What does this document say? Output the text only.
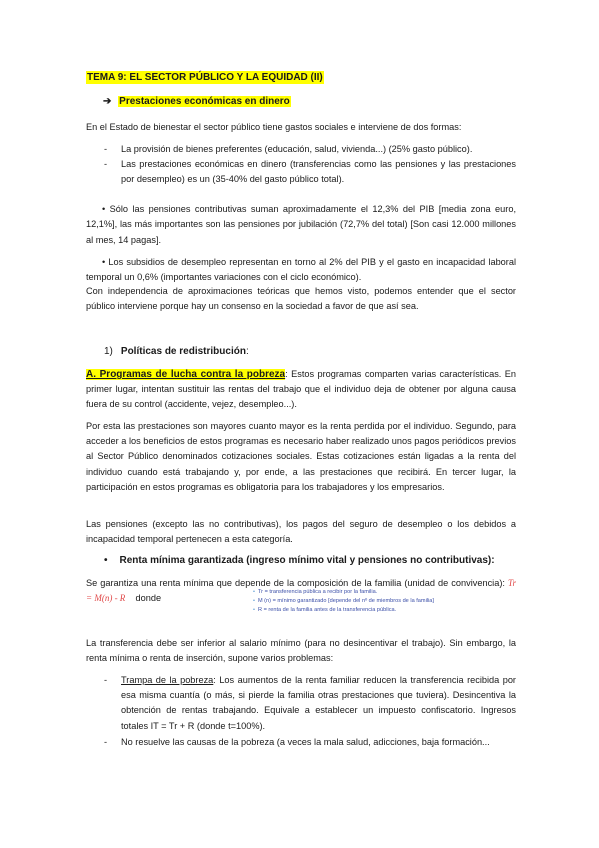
TEMA 9: EL SECTOR PÚBLICO Y LA EQUIDAD (II)
➔ Prestaciones económicas en dinero

En el Estado de bienestar el sector público tiene gastos sociales e interviene de dos formas:

- La provisión de bienes preferentes (educación, salud, vivienda...) (25% gasto público).
- Las prestaciones económicas en dinero (transferencias como las pensiones y las prestaciones por desempleo) es un (35-40% del gasto público total).

• Sólo las pensiones contributivas suman aproximadamente el 12,3% del PIB [media zona euro, 12,1%], las más importantes son las pensiones por jubilación (72,7% del total) [Son casi 12.000 millones al mes, 14 pagas].

• Los subsidios de desempleo representan en torno al 2% del PIB y el gasto en incapacidad laboral temporal un 0,6% (importantes variaciones con el ciclo económico).

Con independencia de aproximaciones teóricas que hemos visto, podemos entender que el sector público interviene porque hay un consenso en la sociedad a favor de que así sea.

1) Políticas de redistribución:

A. Programas de lucha contra la pobreza: Estos programas comparten varias características. En primer lugar, intentan sustituir las rentas del trabajo que el individuo deja de obtener por alguna causa fuera de su control (accidente, vejez, desempleo...).

Por esta las prestaciones son mayores cuanto mayor es la renta perdida por el individuo. Segundo, para acceder a los beneficios de estos programas es necesario haber realizado unos pagos periódicos previos al Sector Público denominados cotizaciones sociales. Estas cotizaciones están ligadas a la renta del individuo cuando está trabajando y, por ende, a las prestaciones que recibirá. En tercer lugar, la participación en estos programas es obligatoria para los trabajadores y los empresarios.

Las pensiones (excepto las no contributivas), los pagos del seguro de desempleo o los debidos a incapacidad temporal pertenecen a esta categoría.

• Renta mínima garantizada (ingreso mínimo vital y pensiones no contributivas):

Se garantiza una renta mínima que depende de la composición de la familia (unidad de convivencia): Tr = M(n) - R donde

• Tr = transferencia pública a recibir por la familia.
• M (n) = mínimo garantizado [depende del nº de miembros de la familia]
• R = renta de la familia antes de la transferencia pública.

La transferencia debe ser inferior al salario mínimo (para no desincentivar el trabajo). Sin embargo, la renta mínima o renta de inserción, supone varios problemas:

- Trampa de la pobreza: Los aumentos de la renta familiar reducen la transferencia recibida por esa misma cuantía (o más, si pierde la familia otras prestaciones que tuviera). Desincentiva la obtención de rentas trabajando. Equivale a establecer un impuesto confiscatorio. Ingresos totales IT = Tr + R (donde t=100%).
- No resuelve las causas de la pobreza (a veces la mala salud, adicciones, baja formación...
